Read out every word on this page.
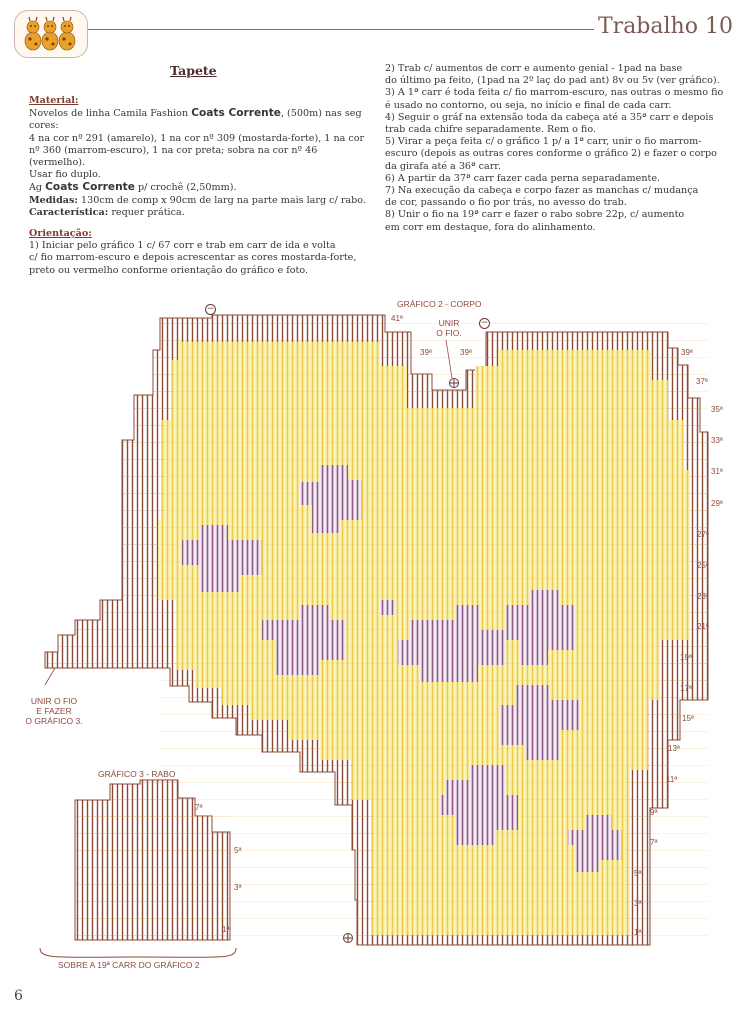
Trabalho 10
Tapete

Material:

Novelos de linha Camila Fashion Coats Corrente, (500m) nas seg cores:

4 na cor nº 291 (amarelo), 1 na cor nº 309 (mostarda-forte), 1 na cor

nº 360 (marrom-escuro), 1 na cor preta; sobra na cor nº 46 (vermelho).

Usar fio duplo.

Ag Coats Corrente p/ crochê (2,50mm).

Medidas: 130cm de comp x 90cm de larg na parte mais larg c/ rabo.

Característica: requer prática.

Orientação:

1) Iniciar pelo gráfico 1 c/ 67 corr e trab em carr de ida e volta

c/ fio marrom-escuro e depois acrescentar as cores mostarda-forte,

preto ou vermelho conforme orientação do gráfico e foto.

2) Trab c/ aumentos de corr e aumento genial - 1pad na base

do último pa feito, (1pad na 2º laç do pad ant) 8v ou 5v (ver gráfico).

3) A 1ª carr é toda feita c/ fio marrom-escuro, nas outras o mesmo fio

é usado no contorno, ou seja, no início e final de cada carr.

4) Seguir o gráf na extensão toda da cabeça até a 35ª carr e depois

trab cada chifre separadamente. Rem o fio.

5) Virar a peça feita c/ o gráfico 1 p/ a 1ª carr, unir o fio marrom-

escuro (depois as outras cores conforme o gráfico 2) e fazer o corpo

da girafa até a 36ª carr.

6) A partir da 37ª carr fazer cada perna separadamente.

7) Na execução da cabeça e corpo fazer as manchas c/ mudança

de cor, passando o fio por trás, no avesso do trab.

8) Unir o fio na 19ª carr e fazer o rabo sobre 22p, c/ aumento

em corr em destaque, fora do alinhamento.

GRÁFICO 2 - CORPO
−
−
UNIR
O FIO.
41ª
39ª	39ª	39ª
37ª
35ª
33ª
31ª
29ª
27ª
25ª
23ª
21ª
19ª
17ª
15ª
13ª
11ª
9ª
7ª
5ª
3ª
1ª
UNIR O FIO
E FAZER
O GRÁFICO 3.
GRÁFICO 3 - RABO
7ª
5ª
3ª
1ª
SOBRE A 19ª CARR DO GRÁFICO 2
6
